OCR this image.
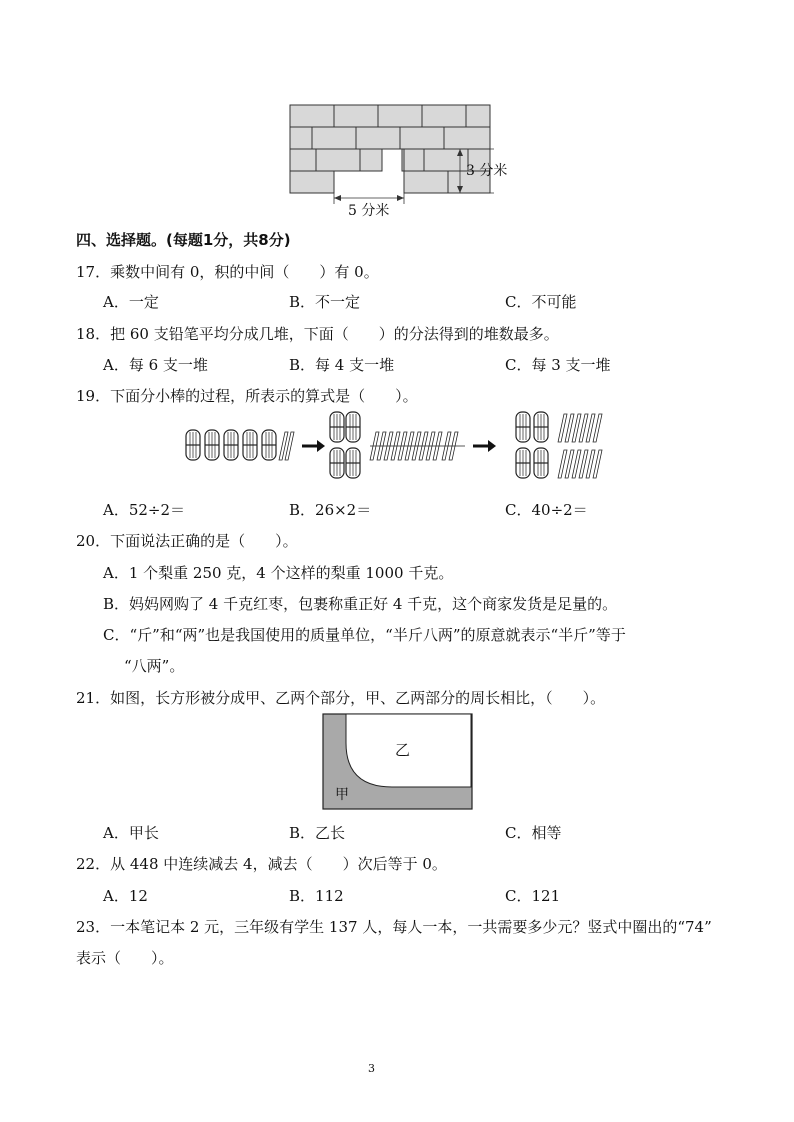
3 分米
5 分米
四、选择题。(每题1分，共8分)
17．乘数中间有 0，积的中间（　　）有 0。
A．一定	B．不一定	C．不可能
18．把 60 支铅笔平均分成几堆，下面（　　）的分法得到的堆数最多。
A．每 6 支一堆	B．每 4 支一堆	C．每 3 支一堆
19．下面分小棒的过程，所表示的算式是（　　）。
A．52÷2＝	B．26×2＝	C．40÷2＝
20．下面说法正确的是（　　）。
A．1 个梨重 250 克，4 个这样的梨重 1000 千克。
B．妈妈网购了 4 千克红枣，包裹称重正好 4 千克，这个商家发货是足量的。
C．“斤”和“两”也是我国使用的质量单位，“半斤八两”的原意就表示“半斤”等于
“八两”。
21．如图，长方形被分成甲、乙两个部分，甲、乙两部分的周长相比，（　　）。
乙
甲
A．甲长	B．乙长	C．相等
22．从 448 中连续减去 4，减去（　　）次后等于 0。
A．12	B．112	C．121
23．一本笔记本 2 元，三年级有学生 137 人，每人一本，一共需要多少元？竖式中圈出的“74”
表示（　　）。
3
